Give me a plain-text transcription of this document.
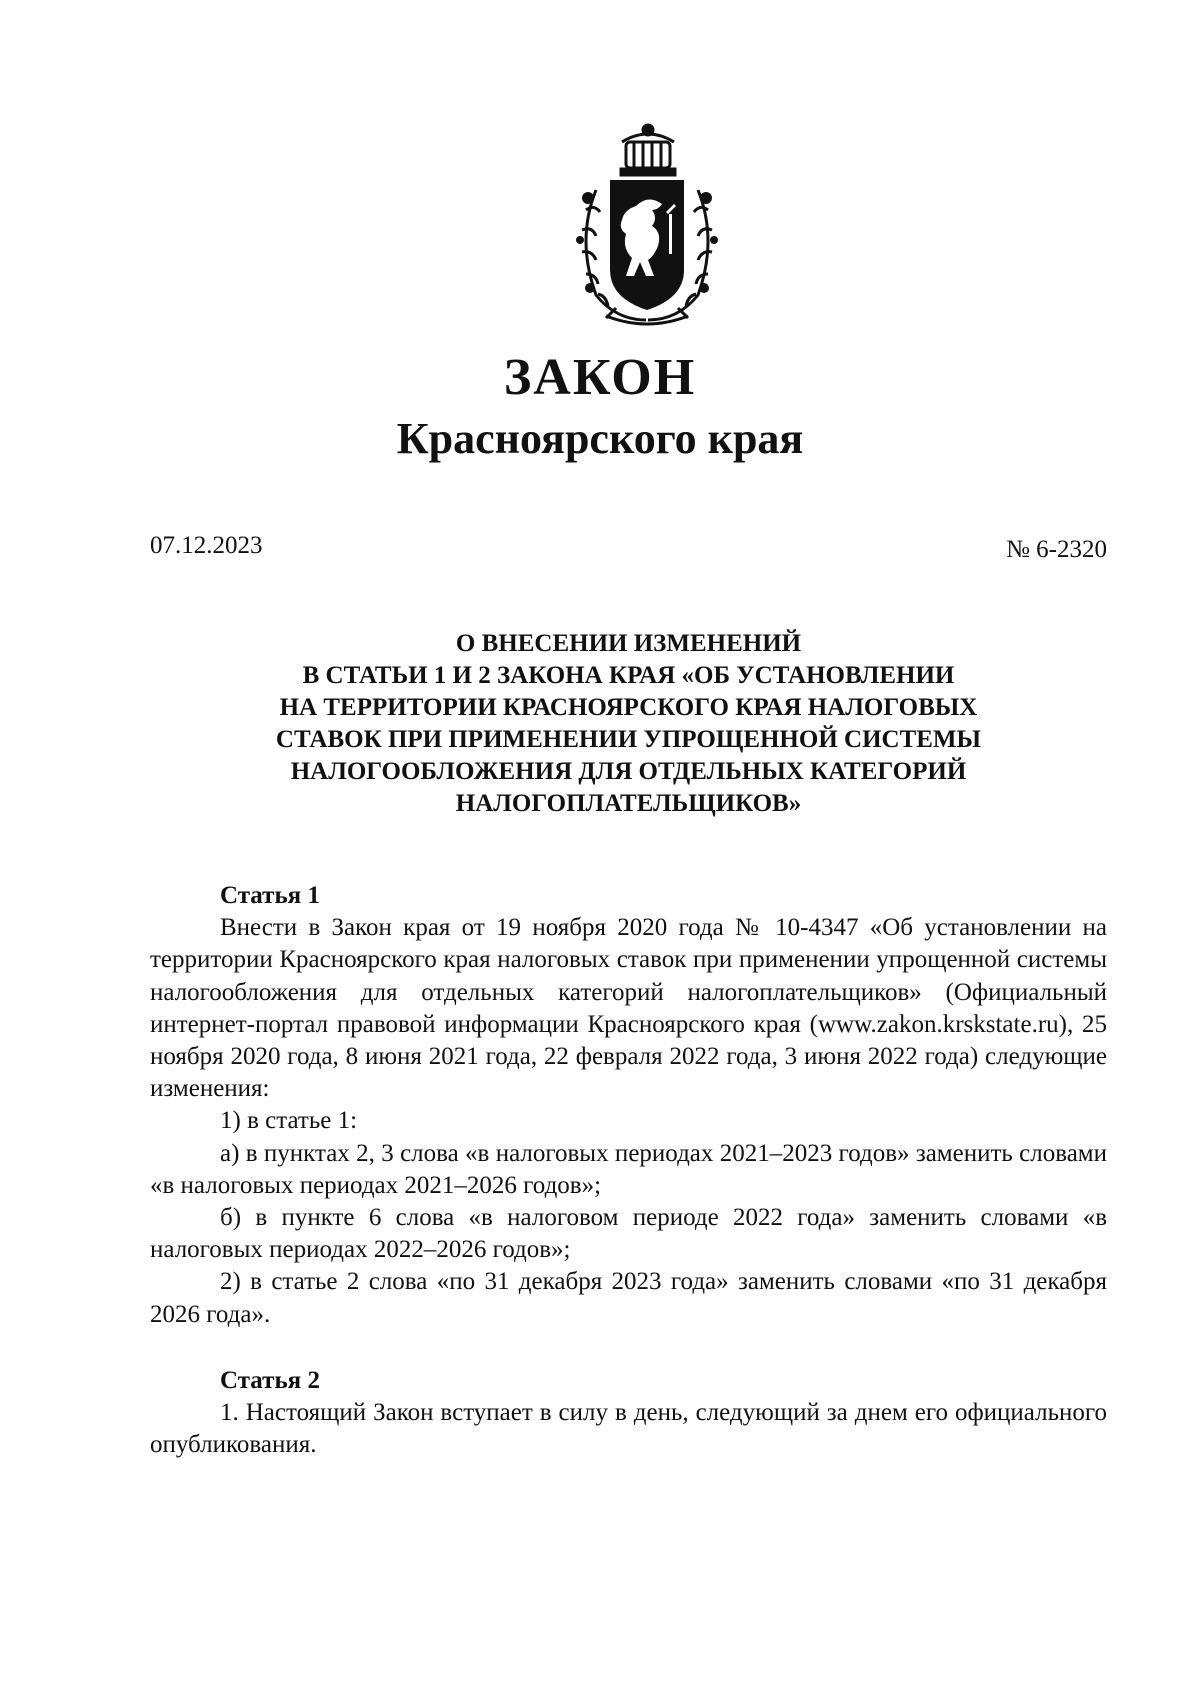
ЗАКОН
Красноярского края
07.12.2023	№ 6-2320
О ВНЕСЕНИИ ИЗМЕНЕНИЙ
В СТАТЬИ 1 И 2 ЗАКОНА КРАЯ «ОБ УСТАНОВЛЕНИИ
НА ТЕРРИТОРИИ КРАСНОЯРСКОГО КРАЯ НАЛОГОВЫХ
СТАВОК ПРИ ПРИМЕНЕНИИ УПРОЩЕННОЙ СИСТЕМЫ
НАЛОГООБЛОЖЕНИЯ ДЛЯ ОТДЕЛЬНЫХ КАТЕГОРИЙ
НАЛОГОПЛАТЕЛЬЩИКОВ»

Статья 1

Внести в Закон края от 19 ноября 2020 года № 10-4347 «Об установлении на территории Красноярского края налоговых ставок при применении упрощенной системы налогообложения для отдельных категорий налогоплательщиков» (Официальный интернет-портал правовой информации Красноярского края (www.zakon.krskstate.ru), 25 ноября 2020 года, 8 июня 2021 года, 22 февраля 2022 года, 3 июня 2022 года) следующие изменения:

1) в статье 1:

а) в пунктах 2, 3 слова «в налоговых периодах 2021–2023 годов» заменить словами «в налоговых периодах 2021–2026 годов»;

б) в пункте 6 слова «в налоговом периоде 2022 года» заменить словами «в налоговых периодах 2022–2026 годов»;

2) в статье 2 слова «по 31 декабря 2023 года» заменить словами «по 31 декабря 2026 года».

Статья 2

1. Настоящий Закон вступает в силу в день, следующий за днем его официального опубликования.
